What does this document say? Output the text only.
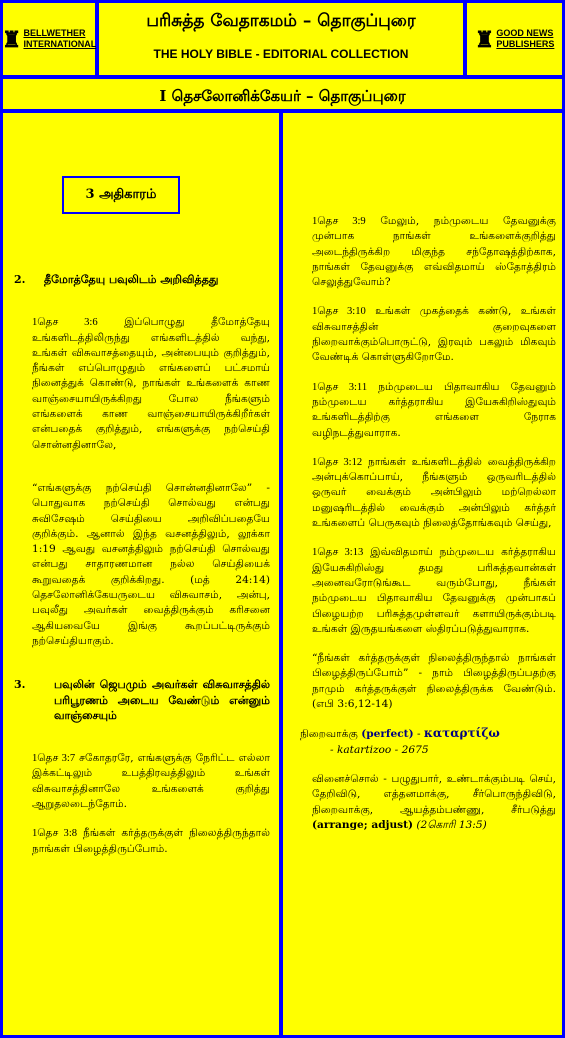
♜ BELLWETHER
INTERNATIONAL
பரிசுத்த வேதாகமம் – தொகுப்புரை
THE HOLY BIBLE - EDITORIAL COLLECTION
♜ GOOD NEWS
PUBLISHERS
I தெசலோனிக்கேயர் – தொகுப்புரை
3 அதிகாரம்
2.	தீமோத்தேயு பவுலிடம் அறிவித்தது

1தெச 3:6 இப்பொழுது தீமோத்தேயு உங்களிடத்திலிருந்து எங்களிடத்தில் வந்து, உங்கள் விசுவாசத்தையும், அன்பையும் குறித்தும், நீங்கள் எப்பொழுதும் எங்களைப் பட்சமாய் நினைத்துக் கொண்டு, நாங்கள் உங்களைக் காண வாஞ்சையாயிருக்கிறது போல நீங்களும் எங்களைக் காண வாஞ்சையாயிருக்கிறீர்கள் என்பதைக் குறித்தும், எங்களுக்கு நற்செய்தி சொன்னதினாலே,

“எங்களுக்கு நற்செய்தி சொன்னதினாலே” - பொதுவாக நற்செய்தி சொல்வது என்பது சுவிசேஷம் செய்தியை அறிவிப்பதையே குறிக்கும். ஆனால் இந்த வசனத்திலும், லூக்கா 1:19 ஆவது வசனத்திலும் நற்செய்தி சொல்வது என்பது சாதாரணமான நல்ல செய்தியைக் கூறுவதைக் குறிக்கிறது. (மத் 24:14) தெசலோனிக்கேயருடைய விசுவாசம், அன்பு, பவுலீது அவர்கள் வைத்திருக்கும் கரிசனை ஆகியவையே இங்கு கூறப்பட்டிருக்கும் நற்செய்தியாகும்.

3.	பவுலின் ஜெபமும் அவர்கள் விசுவாசத்தில் பரிபூரணம் அடைய வேண்டும் என்னும் வாஞ்சையும்

1தெச 3:7 சகோதரரே, எங்களுக்கு நேரிட்ட எல்லா இக்கட்டிலும் உபத்திரவத்திலும் உங்கள் விசுவாசத்தினாலே உங்களைக் குறித்து ஆறுதலடைந்தோம்.

1தெச 3:8 நீங்கள் கர்த்தருக்குள் நிலைத்திருந்தால் நாங்கள் பிழைத்திருப்போம்.

1தெச 3:9 மேலும், நம்முடைய தேவனுக்கு முன்பாக நாங்கள் உங்களைக்குறித்து அடைந்திருக்கிற மிகுந்த சந்தோஷத்திற்காக, நாங்கள் தேவனுக்கு எவ்விதமாய் ஸ்தோத்திரம் செலுத்துவோம்?

1தெச 3:10 உங்கள் முகத்தைக் கண்டு, உங்கள் விசுவாசத்தின் குறைவுகளை நிறைவாக்கும்பொருட்டு, இரவும் பகலும் மிகவும் வேண்டிக் கொள்ளுகிறோமே.

1தெச 3:11 நம்முடைய பிதாவாகிய தேவனும் நம்முடைய கர்த்தராகிய இயேசுகிறிஸ்துவும் உங்களிடத்திற்கு எங்களை நேராக வழிநடத்துவாராக.

1தெச 3:12 நாங்கள் உங்களிடத்தில் வைத்திருக்கிற அன்புக்கொப்பாய், நீங்களும் ஒருவரிடத்தில் ஒருவர் வைக்கும் அன்பிலும் மற்றெல்லா மனுஷரிடத்தில் வைக்கும் அன்பிலும் கர்த்தர் உங்களைப் பெருகவும் நிலைத்தோங்கவும் செய்து,

1தெச 3:13 இவ்விதமாய் நம்முடைய கர்த்தராகிய இயேசுகிறிஸ்து தமது பரிசுத்தவான்கள் அனைவரோடுங்கூட வரும்போது, நீங்கள் நம்முடைய பிதாவாகிய தேவனுக்கு முன்பாகப் பிழையற்ற பரிசுத்தமுள்ளவர் களாயிருக்கும்படி உங்கள் இருதயங்களை ஸ்திரப்படுத்துவாராக.

“நீங்கள் கர்த்தருக்குள் நிலைத்திருந்தால் நாங்கள் பிழைத்திருப்போம்” - நாம் பிழைத்திருப்பதற்கு நாமும் கர்த்தருக்குள் நிலைத்திருக்க வேண்டும். (எபி 3:6,12-14)

நிறைவாக்கு (perfect) - καταρτίζω

- katartizoo - 2675

வினைச்சொல் - பழுதுபார், உண்டாக்கும்படி செய், தேறிவிடு, எத்தனமாக்கு, சீர்பொருந்திவிடு, நிறைவாக்கு, ஆயத்தம்பண்ணு, சீர்படுத்து (arrange; adjust) (2கொரி 13:5)
